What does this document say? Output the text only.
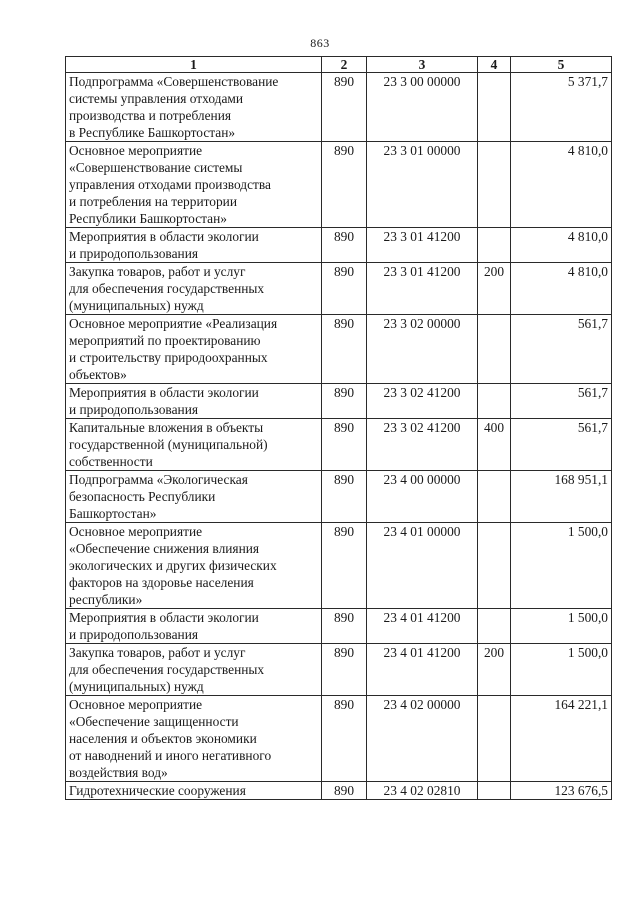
863
1	2	3	4	5

Подпрограмма «Совершенствование
системы управления отходами
производства и потребления
в Республике Башкортостан»	890	23 3 00 00000		5 371,7

Основное мероприятие
«Совершенствование системы
управления отходами производства
и потребления на территории
Республики Башкортостан»	890	23 3 01 00000		4 810,0

Мероприятия в области экологии
и природопользования	890	23 3 01 41200		4 810,0

Закупка товаров, работ и услуг
для обеспечения государственных
(муниципальных) нужд	890	23 3 01 41200	200	4 810,0

Основное мероприятие «Реализация
мероприятий по проектированию
и строительству природоохранных
объектов»	890	23 3 02 00000		561,7

Мероприятия в области экологии
и природопользования	890	23 3 02 41200		561,7

Капитальные вложения в объекты
государственной (муниципальной)
собственности	890	23 3 02 41200	400	561,7

Подпрограмма «Экологическая
безопасность Республики
Башкортостан»	890	23 4 00 00000		168 951,1

Основное мероприятие
«Обеспечение снижения влияния
экологических и других физических
факторов на здоровье населения
республики»	890	23 4 01 00000		1 500,0

Мероприятия в области экологии
и природопользования	890	23 4 01 41200		1 500,0

Закупка товаров, работ и услуг
для обеспечения государственных
(муниципальных) нужд	890	23 4 01 41200	200	1 500,0

Основное мероприятие
«Обеспечение защищенности
населения и объектов экономики
от наводнений и иного негативного
воздействия вод»	890	23 4 02 00000		164 221,1

Гидротехнические сооружения	890	23 4 02 02810		123 676,5
